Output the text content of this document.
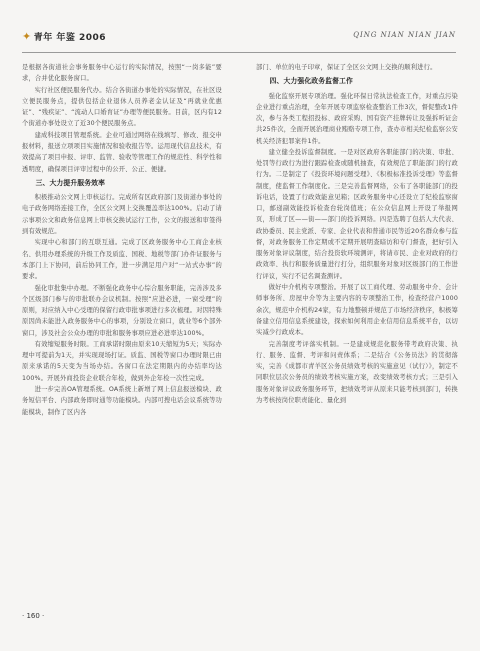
✦ 青年 年鉴 2006	QING NIAN NIAN JIAN

是根据各街道社会事务服务中心运行的实际情况，按照“一岗多能”要求，合并优化服务窗口。

实行社区便民服务代办。结合各街道办事处的实际情况，在社区设立便民服务点，提供包括企业退休人员养老金认证及“再就业优惠证”、“残疾证”、“流动人口婚育证”办理等便民服务。目前，区内有12个街道办事处设立了近30个便民服务点。

建成科技项目管理系统。企业可通过网络在线填写、修改、报交申报材料，报送立项项目实施情况和验收报告等。运用现代信息技术，有效提高了项目申报、评审、监管、验收等管理工作的规范性、科学性和透明度，确保项目评审过程中的公开、公正、便捷。

三、大力提升服务效率

积极推动公文网上审核运行。完成所有区政府部门及街道办事处的电子政务网络连接工作，全区公文网上交换覆盖率达100%。启动了请示事项公文和政务信息网上审核交换试运行工作，公文的报送和审签得到有效规范。

实现中心和部门的互联互通。完成了区政务服务中心工商企业核名、供用办理系统的升级工作及质监、国税、地税等部门办件证服务与本部门上下协同，前后协同工作，进一步满足用户对“一站式办事”的要求。

强化审批集中办理。不断强化政务中心综合服务职能，完善涉及多个区级部门参与的审批联办会议机制。按照“应进必进，一窗受理”的原则，对应纳入中心受理的保留行政审批事项进行多次梳理。对因特殊原因尚未能进入政务服务中心的事项，分别设立窗口，就业等6个部外窗口，涉及社会公众办理的审批和服务事项应进必进率达100%。

有效缩短服务时限。工商承诺时限由原来10天缩短为5天；实际办理中可提前为1天，并实现现场打证。质监、国税等窗口办理时限已由原来承诺的5天变为当场办结。各窗口在法定期限内的办结率均达100%。开展外商投资企业联合年检，做到外企年检一次性完成。

进一步完善OA管理系统。OA系统上新增了网上信息报送模块、政务短信平台、内部政务即时通等功能模块。内部可搜电话会议系统等功能模块，制作了区内各

部门、单位的电子印章，保证了全区公文网上交换的顺利进行。

四、大力强化政务监督工作

强化监察开展专项治理。强化环保日常执法检查工作，对重点污染企业进行重点治理，全年开展专项监察检查整治工作3次，督促整改1件次，参与各类工程招投标、政府采购、国有资产挂牌转让及强拆听证会共25件次，全面开展治理商业贿赂专项工作，查办市相关纪检监察公安机关经济犯罪案件1件。

建立健全投诉监督制度。一是对区政府各职能部门的决策、审批、处罚等行政行为进行跟踪检查或随机抽查，有效规范了职能部门的行政行为。二是制定了《投资环境问题受理》、《积极标准投诉受理》等监督制度，使监督工作制度化。三是完善监督网络，公布了各职能部门的投诉电话，设置了行政效能意见箱；区政务服务中心还设立了纪检监察窗口，邮递副效能投诉检查台轮岗值班；在公众信息网上开设了举报网页，形成了区——街——部门的投诉网络。四是选聘了包括人大代表、政协委员、民主党派、专家、企业代表和普通市民等近20名群众参与监督，对政务服务工作定期或不定期开展明查暗访和专门督查，把好引入服务对象评议制度，结合投资软环境测评，将请市民、企业对政府的行政效率、执行和服务质量进行打分，组织服务对象对区级部门的工作进行评议，实行不记名调查测评。

做好中介机构专项整治。开展了以工商代理、劳动服务中介、会计师事务所、房屋中介等为主要内容的专项整治工作，检查经营户1000余次，规范中介机构24家，有力地整顿并规范了市场经济秩序，积极筹备建立信用信息系统建设，探索如何利用企业信用信息系统平台，以切实减少行政成本。

完善制度考评落实机制。一是建成规范化服务带考政府决策、执行、服务、监督、考评和问责体系；二是结合《公务员法》的贯彻落实，完善《成都市青羊区公务员绩效考核的实施意见（试行）》，制定不同职位层次公务员的绩效考核实施方案，改变绩效考核方式；三是引入服务对象评议政务服务环节，把绩效考评从原来只能考核到部门，转换为考核按岗位职责能化、量化到

· 160 ·
